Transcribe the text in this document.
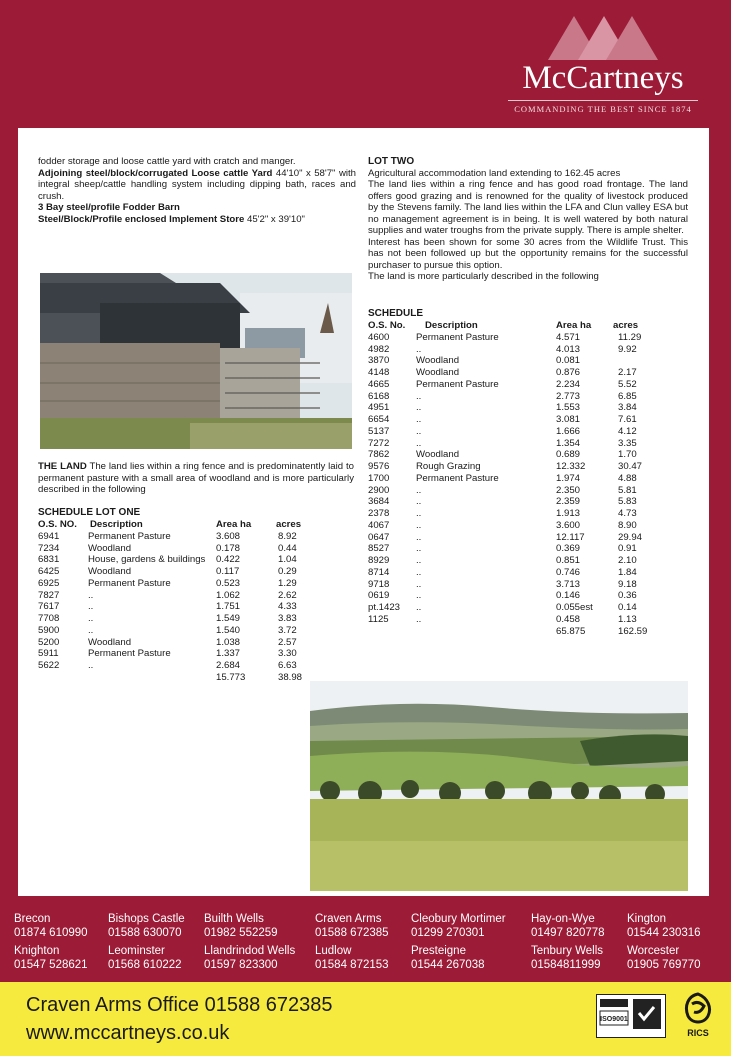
McCartneys
COMMANDING THE BEST SINCE 1874
fodder storage and loose cattle yard with cratch and manger.
Adjoining steel/block/corrugated Loose cattle Yard 44'10" x 58'7" with integral sheep/cattle handling system including dipping bath, races and crush.
3 Bay steel/profile Fodder Barn
Steel/Block/Profile enclosed Implement Store 45'2" x 39'10"
THE LAND The land lies within a ring fence and is predominatently laid to permanent pasture with a small area of woodland and is more particularly described in the following
SCHEDULE LOT ONE
O.S. NO. Description	Area ha	acres
6941	Permanent Pasture	3.608	8.92
7234	Woodland	0.178	0.44
6831	House, gardens & buildings 0.422	1.04
6425	Woodland	0.117	0.29
6925	Permanent Pasture	0.523	1.29
7827	..	1.062	2.62
7617	..	1.751	4.33
7708	..	1.549	3.83
5900	..	1.540	3.72
5200	Woodland	1.038	2.57
5911	Permanent Pasture	1.337	3.30
5622	..	2.684	6.63
15.773	38.98
LOT TWO
Agricultural accommodation land extending to 162.45 acres
The land lies within a ring fence and has good road frontage. The land offers good grazing and is renowned for the quality of livestock produced by the Stevens family. The land lies within the LFA and Clun valley ESA but no management agreement is in being. It is well watered by both natural supplies and water troughs from the private supply. There is ample shelter.
Interest has been shown for some 30 acres from the Wildlife Trust. This has not been followed up but the opportunity remains for the successful purchaser to pursue this option.
The land is more particularly described in the following
SCHEDULE
O.S. No. Description	Area ha acres
4600	Permanent Pasture	4.571	11.29
4982	..	4.013	9.92
3870	Woodland	0.081
4148	Woodland	0.876	2.17
4665	Permanent Pasture	2.234	5.52
6168	..	2.773	6.85
4951	..	1.553	3.84
6654	..	3.081	7.61
5137	..	1.666	4.12
7272	..	1.354	3.35
7862	Woodland	0.689	1.70
9576	Rough Grazing	12.332	30.47
1700	Permanent Pasture	1.974	4.88
2900	..	2.350	5.81
3684	..	2.359	5.83
2378	..	1.913	4.73
4067	..	3.600	8.90
0647	..	12.117	29.94
8527	..	0.369	0.91
8929	..	0.851	2.10
8714	..	0.746	1.84
9718	..	3.713	9.18
0619	..	0.146	0.36
pt.1423 ..	0.055est	0.14
1125	..	0.458	1.13
65.875	162.59
Brecon
01874 610990
Bishops Castle
01588 630070
Builth Wells
01982 552259
Craven Arms
01588 672385
Cleobury Mortimer
01299 270301
Hay-on-Wye
01497 820778
Kington
01544 230316
Knighton
01547 528621
Leominster
01568 610222
Llandrindod Wells
01597 823300
Ludlow
01584 872153
Presteigne
01544 267038
Tenbury Wells
01584811999
Worcester
01905 769770
Craven Arms Office 01588 672385
www.mccartneys.co.uk
ISO9001
RICS
